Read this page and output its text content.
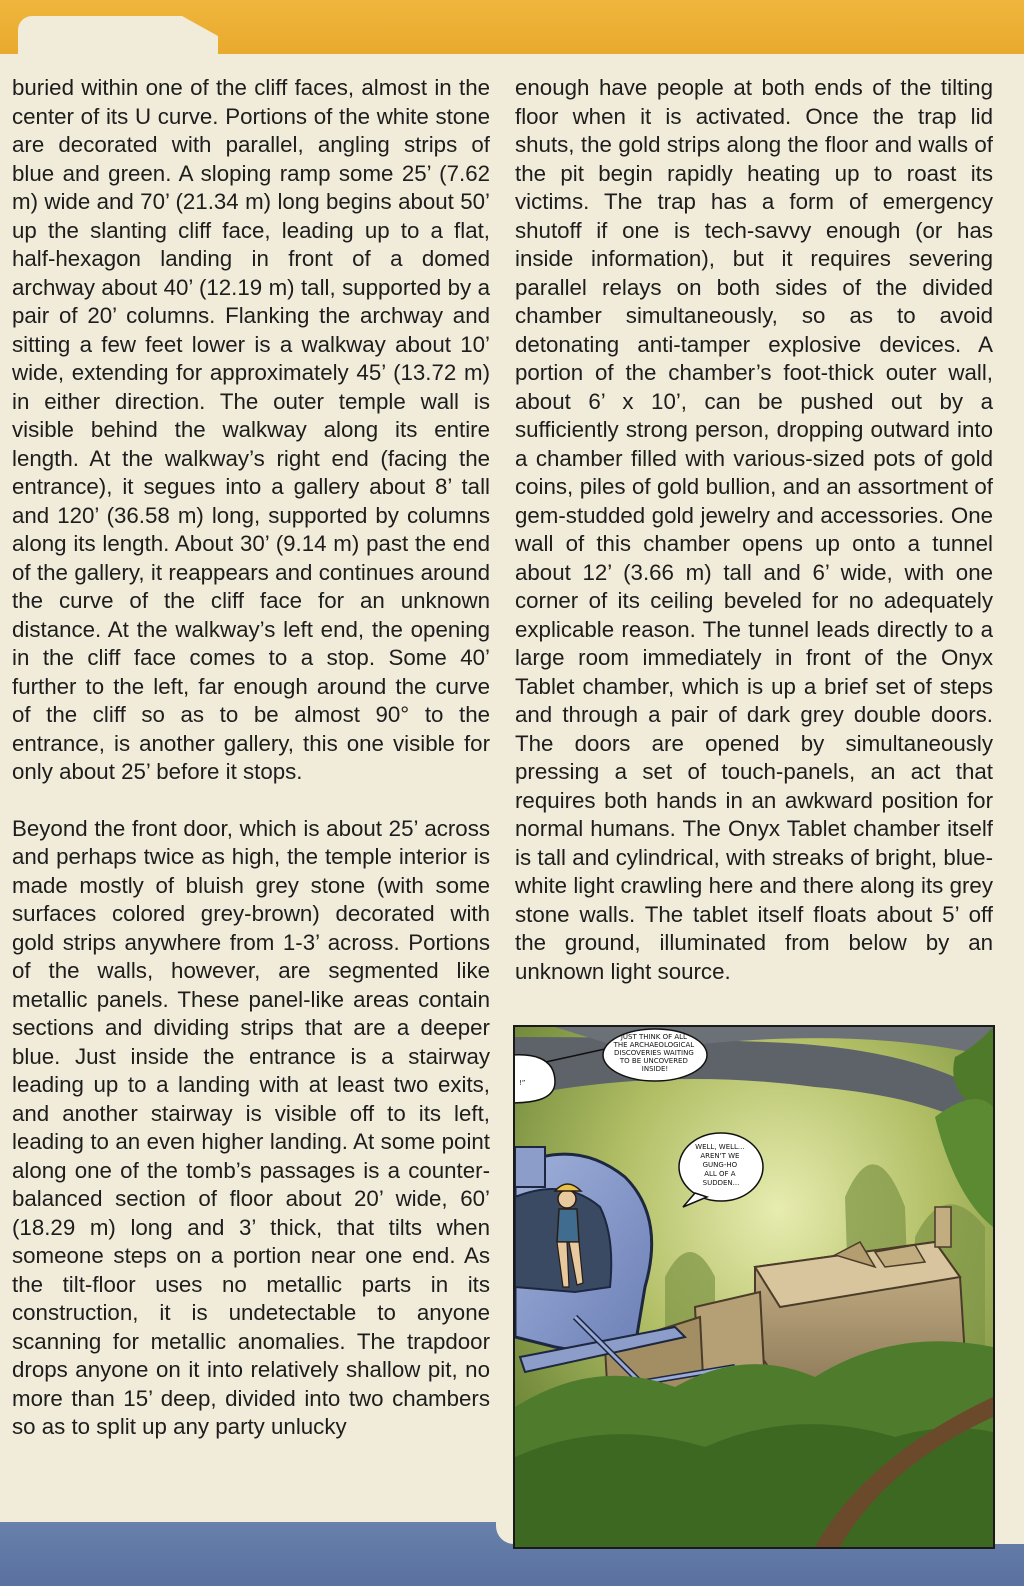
buried within one of the cliff faces, almost in the center of its U curve. Portions of the white stone are decorated with parallel, angling strips of blue and green. A sloping ramp some 25’ (7.62 m) wide and 70’ (21.34 m) long begins about 50’ up the slanting cliff face, leading up to a flat, half-hexagon landing in front of a domed archway about 40’ (12.19 m) tall, supported by a pair of 20’ columns. Flanking the archway and sitting a few feet lower is a walkway about 10’ wide, extending for approximately 45’ (13.72 m) in either direction. The outer temple wall is visible behind the walkway along its entire length. At the walkway’s right end (facing the entrance), it segues into a gallery about 8’ tall and 120’ (36.58 m) long, supported by columns along its length. About 30’ (9.14 m) past the end of the gallery, it reappears and continues around the curve of the cliff face for an unknown distance. At the walkway’s left end, the opening in the cliff face comes to a stop. Some 40’ further to the left, far enough around the curve of the cliff so as to be almost 90° to the entrance, is another gallery, this one visible for only about 25’ before it stops.

Beyond the front door, which is about 25’ across and perhaps twice as high, the temple interior is made mostly of bluish grey stone (with some surfaces colored grey-brown) decorated with gold strips anywhere from 1-3’ across. Portions of the walls, however, are segmented like metallic panels. These panel-like areas contain sections and dividing strips that are a deeper blue. Just inside the entrance is a stairway leading up to a landing with at least two exits, and another stairway is visible off to its left, leading to an even higher landing. At some point along one of the tomb’s passages is a counter-balanced section of floor about 20’ wide, 60’ (18.29 m) long and 3’ thick, that tilts when someone steps on a portion near one end. As the tilt-floor uses no metallic parts in its construction, it is undetectable to anyone scanning for metallic anomalies. The trapdoor drops anyone on it into relatively shallow pit, no more than 15’ deep, divided into two chambers so as to split up any party unlucky

enough have people at both ends of the tilting floor when it is activated. Once the trap lid shuts, the gold strips along the floor and walls of the pit begin rapidly heating up to roast its victims. The trap has a form of emergency shutoff if one is tech-savvy enough (or has inside information), but it requires severing parallel relays on both sides of the divided chamber simultaneously, so as to avoid detonating anti-tamper explosive devices. A portion of the chamber’s foot-thick outer wall, about 6’ x 10’, can be pushed out by a sufficiently strong person, dropping outward into a chamber filled with various-sized pots of gold coins, piles of gold bullion, and an assortment of gem-studded gold jewelry and accessories. One wall of this chamber opens up onto a tunnel about 12’ (3.66 m) tall and 6’ wide, with one corner of its ceiling beveled for no adequately explicable reason. The tunnel leads directly to a large room immediately in front of the Onyx Tablet chamber, which is up a brief set of steps and through a pair of dark grey double doors. The doors are opened by simultaneously pressing a set of touch-panels, an act that requires both hands in an awkward position for normal humans. The Onyx Tablet chamber itself is tall and cylindrical, with streaks of bright, blue-white light crawling here and there along its grey stone walls. The tablet itself floats about 5’ off the ground, illuminated from below by an unknown light source.

JUST THINK OF ALL THE ARCHAEOLOGICAL DISCOVERIES WAITING TO BE UNCOVERED INSIDE!
!”
WELL, WELL... AREN'T WE GUNG-HO ALL OF A SUDDEN...
